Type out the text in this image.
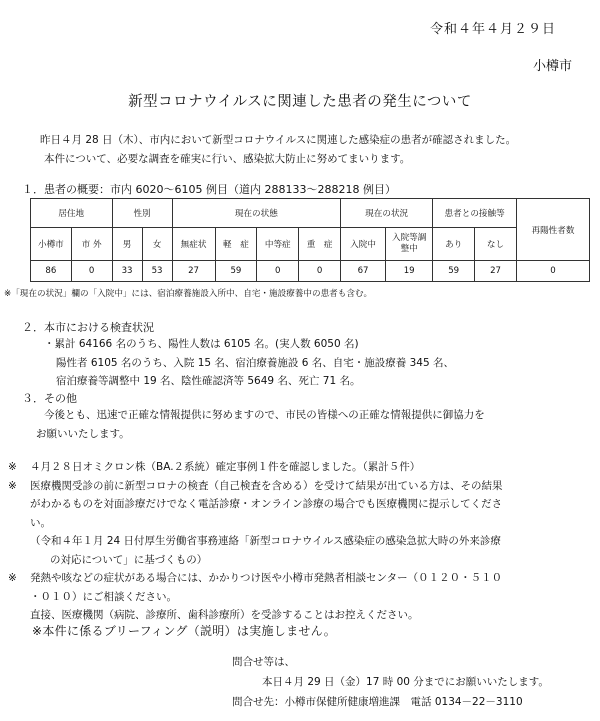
令和４年４月２９日
小樽市
新型コロナウイルスに関連した患者の発生について
昨日４月 28 日（木）、市内において新型コロナウイルスに関連した感染症の患者が確認されました。
本件について、必要な調査を確実に行い、感染拡大防止に努めてまいります。
１．患者の概要：市内 6020～6105 例目（道内 288133～288218 例目）
居住地		性別		現在の状態				現在の状況		患者との接触等		再陽性者数
小樽市	市 外	男	女	無症状	軽　症	中等症	重　症	入院中	入院等調整中	あり	なし	
86	0	33	53	27	59	0	0	67	19	59	27	0
※「現在の状況」欄の「入院中」には、宿泊療養施設入所中、自宅・施設療養中の患者も含む。
２．本市における検査状況
・累計 64166 名のうち、陽性人数は 6105 名。(実人数 6050 名)
陽性者 6105 名のうち、入院 15 名、宿泊療養施設 6 名、自宅・施設療養 345 名、
宿泊療養等調整中 19 名、陰性確認済等 5649 名、死亡 71 名。
３．その他
今後とも、迅速で正確な情報提供に努めますので、市民の皆様への正確な情報提供に御協力を
お願いいたします。
※	４月２８日オミクロン株（BA.２系統）確定事例１件を確認しました。（累計５件）
※	医療機関受診の前に新型コロナの検査（自己検査を含める）を受けて結果が出ている方は、その結果
がわかるものを対面診療だけでなく電話診療・オンライン診療の場合でも医療機関に提示してくださ
い。
（令和４年１月 24 日付厚生労働省事務連絡「新型コロナウイルス感染症の感染急拡大時の外来診療
の対応について」に基づくもの）
※	発熱や咳などの症状がある場合には、かかりつけ医や小樽市発熱者相談センター（０１２０・５１０
・０１０）にご相談ください。
直接、医療機関（病院、診療所、歯科診療所）を受診することはお控えください。
※本件に係るブリーフィング（説明）は実施しません。
問合せ等は、
本日４月 29 日（金）17 時 00 分までにお願いいたします。
問合せ先：小樽市保健所健康増進課　電話 0134－22－3110
